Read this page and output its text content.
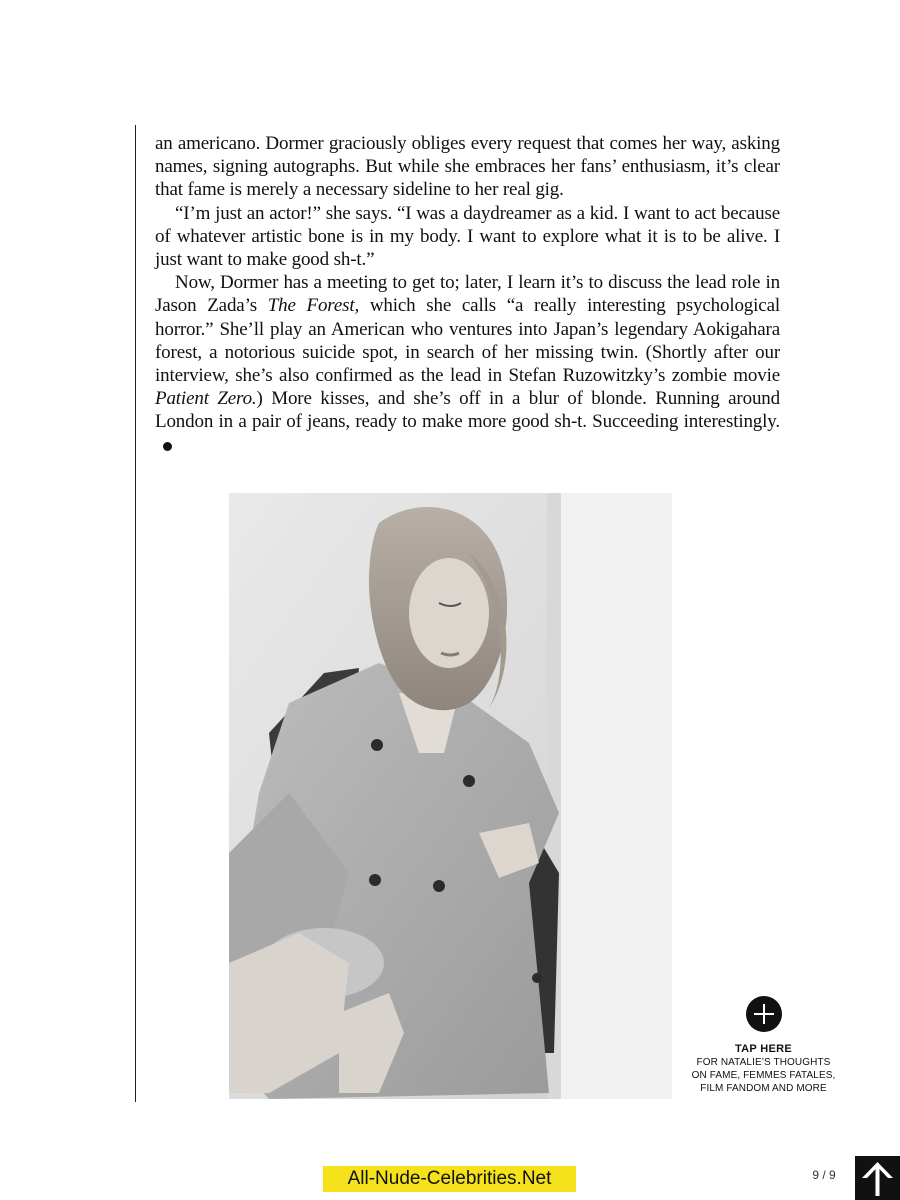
an americano. Dormer graciously obliges every request that comes her way, asking names, signing autographs. But while she embraces her fans’ enthusiasm, it’s clear that fame is merely a necessary sideline to her real gig.

“I’m just an actor!” she says. “I was a daydreamer as a kid. I want to act because of whatever artistic bone is in my body. I want to explore what it is to be alive. I just want to make good sh-t.”

Now, Dormer has a meeting to get to; later, I learn it’s to discuss the lead role in Jason Zada’s The Forest, which she calls “a really interesting psychological horror.” She’ll play an American who ventures into Japan’s legendary Aokigahara forest, a notorious suicide spot, in search of her missing twin. (Shortly after our interview, she’s also confirmed as the lead in Stefan Ruzowitzky’s zombie movie Patient Zero.) More kisses, and she’s off in a blur of blonde. Running around London in a pair of jeans, ready to make more good sh-t. Succeeding interestingly.

TAP HERE
FOR NATALIE’S THOUGHTS
ON FAME, FEMMES FATALES,
FILM FANDOM AND MORE
All-Nude-Celebrities.Net	9 / 9
